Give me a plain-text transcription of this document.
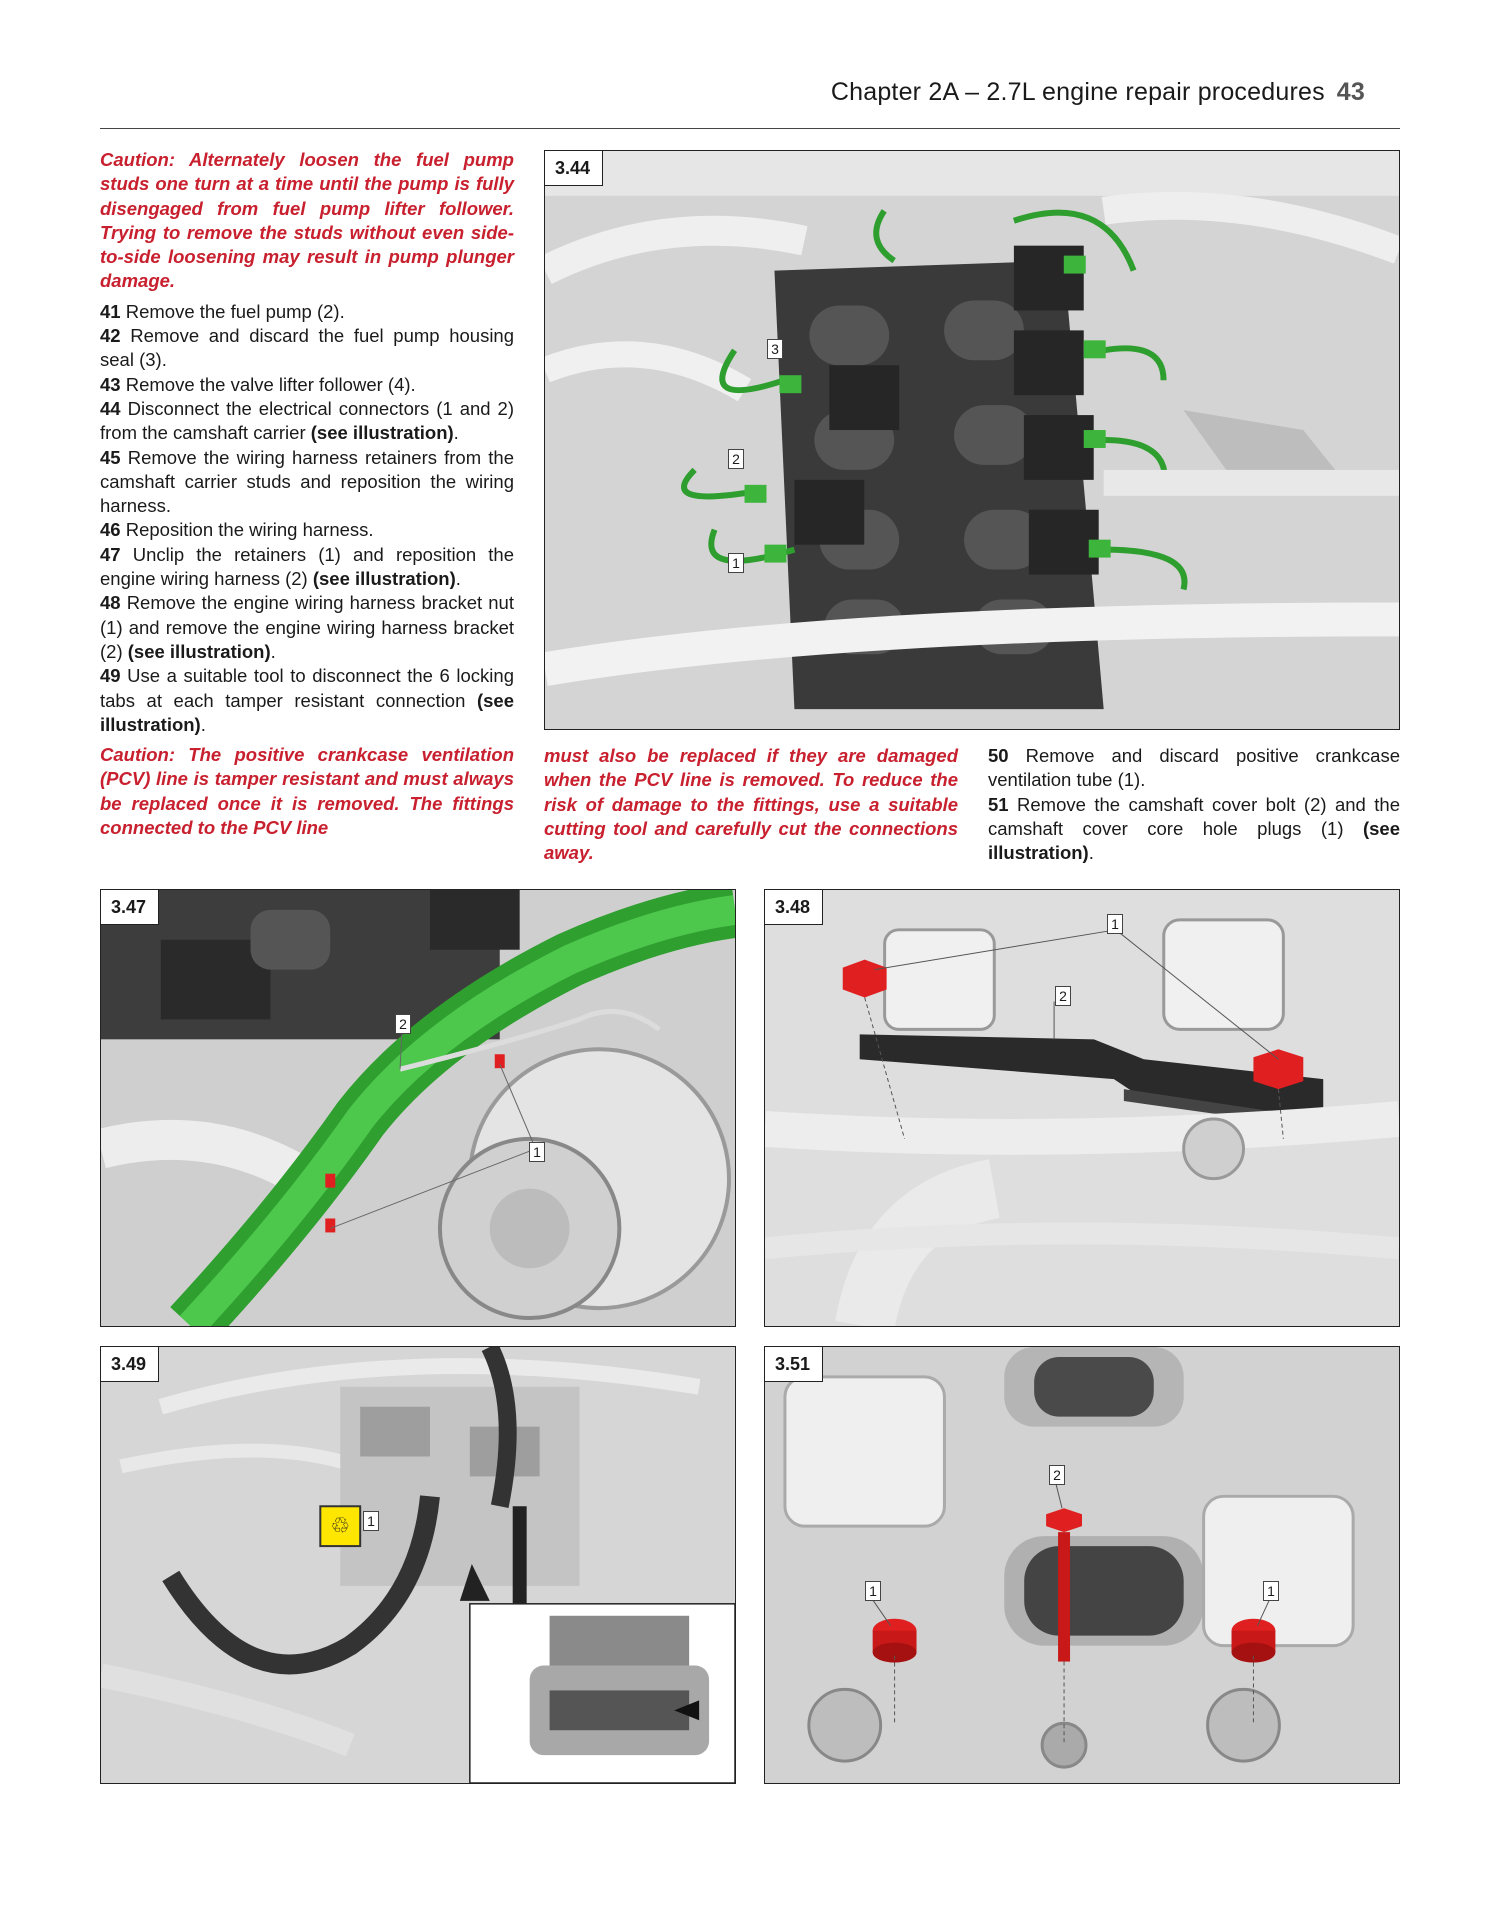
Chapter 2A – 2.7L engine repair procedures 43

Caution: Alternately loosen the fuel pump studs one turn at a time until the pump is fully disengaged from fuel pump lifter follower. Trying to remove the studs without even side-to-side loosening may result in pump plunger damage.

41 Remove the fuel pump (2).

42 Remove and discard the fuel pump housing seal (3).

43 Remove the valve lifter follower (4).

44 Disconnect the electrical connectors (1 and 2) from the camshaft carrier (see illustration).

45 Remove the wiring harness retainers from the camshaft carrier studs and reposition the wiring harness.

46 Reposition the wiring harness.

47 Unclip the retainers (1) and reposition the engine wiring harness (2) (see illustration).

48 Remove the engine wiring harness bracket nut (1) and remove the engine wiring harness bracket (2) (see illustration).

49 Use a suitable tool to disconnect the 6 locking tabs at each tamper resistant connection (see illustration).

Caution: The positive crankcase ventilation (PCV) line is tamper resistant and must always be replaced once it is removed. The fittings connected to the PCV line

must also be replaced if they are damaged when the PCV line is removed. To reduce the risk of damage to the fittings, use a suitable cutting tool and carefully cut the connections away.

50 Remove and discard positive crankcase ventilation tube (1).

51 Remove the camshaft cover bolt (2) and the camshaft cover core hole plugs (1) (see illustration).

3.44
3
2
1
3.47
2
1
3.48
1
2
♲
3.49
1
3.51
2
1	1
